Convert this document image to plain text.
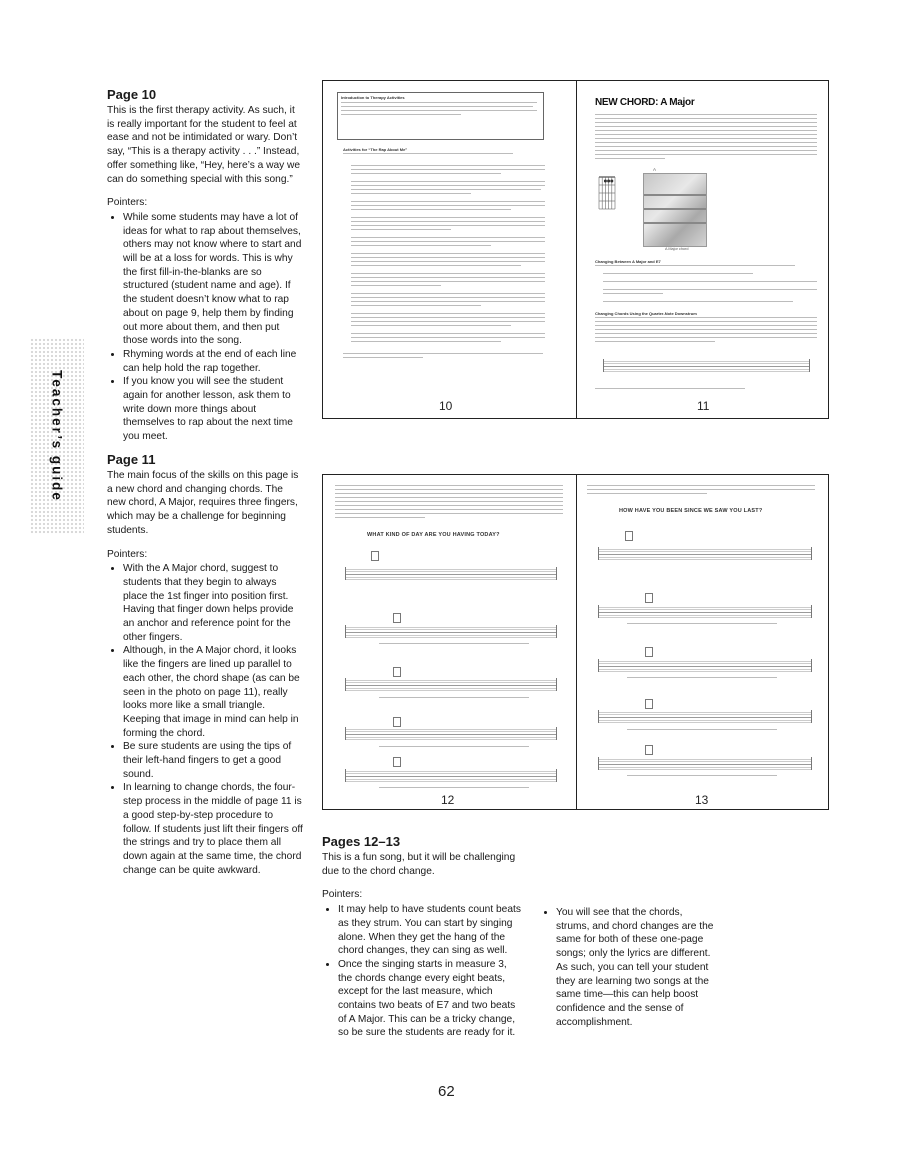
Teacher’s guide
Page 10

This is the first therapy activity. As such, it is really important for the student to feel at ease and not be intimidated or wary. Don’t say, “This is a therapy activity . . .” Instead, offer something like, “Hey, here’s a way we can do something special with this song.”

Pointers:

• While some students may have a lot of ideas for what to rap about themselves, others may not know where to start and will be at a loss for words. This is why the first fill-in-the-blanks are so structured (student name and age). If the student doesn’t know what to rap about on page 9, help them by finding out more about them, and then put those words into the song.
• Rhyming words at the end of each line can help hold the rap together.
• If you know you will see the student again for another lesson, ask them to write down more things about themselves to rap about the next time you meet.
Page 11

The main focus of the skills on this page is a new chord and changing chords. The new chord, A Major, requires three fingers, which may be a challenge for beginning students.

Pointers:

• With the A Major chord, suggest to students that they begin to always place the 1st finger into position first. Having that finger down helps provide an anchor and reference point for the other fingers.
• Although, in the A Major chord, it looks like the fingers are lined up parallel to each other, the chord shape (as can be seen in the photo on page 11), really looks more like a small triangle. Keeping that image in mind can help in forming the chord.
• Be sure students are using the tips of their left-hand fingers to get a good sound.
• In learning to change chords, the four-step process in the middle of page 11 is a good step-by-step procedure to follow. If students just lift their fingers off the strings and try to place them all down again at the same time, the chord change can be quite awkward.
Introduction to Therapy Activities
Activities for “The Rap About Me”
10
NEW CHORD: A Major
A
A Major chord
Changing Between A Major and E7
Changing Chords Using the Quarter-Note Downstrum
11
WHAT KIND OF DAY ARE YOU HAVING TODAY?
12
HOW HAVE YOU BEEN SINCE WE SAW YOU LAST?
13
Pages 12–13

This is a fun song, but it will be challenging due to the chord change.

Pointers:

• It may help to have students count beats as they strum. You can start by singing alone. When they get the hang of the chord changes, they can sing as well.
• Once the singing starts in measure 3, the chords change every eight beats, except for the last measure, which contains two beats of E7 and two beats of A Major. This can be a tricky change, so be sure the students are ready for it.
• You will see that the chords, strums, and chord changes are the same for both of these one-page songs; only the lyrics are different. As such, you can tell your student they are learning two songs at the same time—this can help boost confidence and the sense of accomplishment.
62
